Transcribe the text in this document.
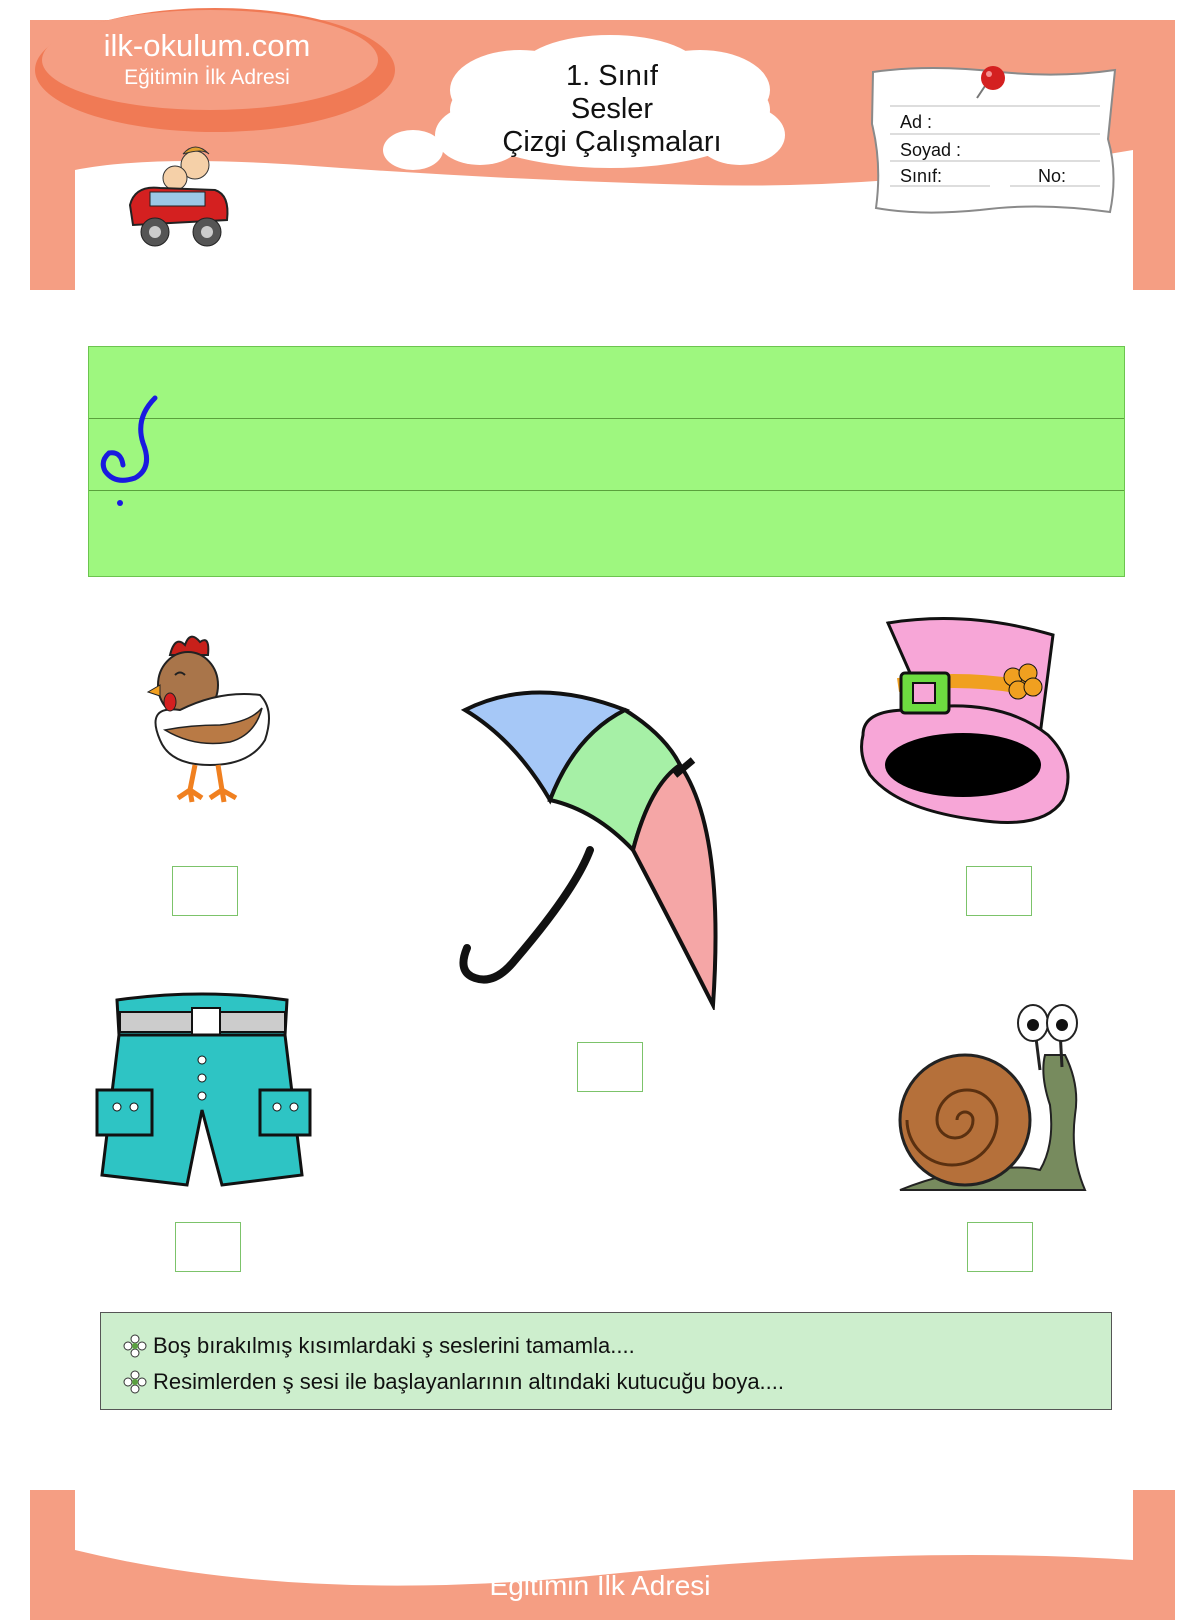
ilk-okulum.com
Eğitimin İlk Adresi	1. Sınıf
Sesler
Çizgi Çalışmaları
Ad :
Soyad :
Sınıf:	No:
Boş bırakılmış kısımlardaki ş seslerini tamamla....
Resimlerden ş sesi ile başlayanlarının altındaki kutucuğu boya....
ilk-okulum.com
Eğitimin İlk Adresi
